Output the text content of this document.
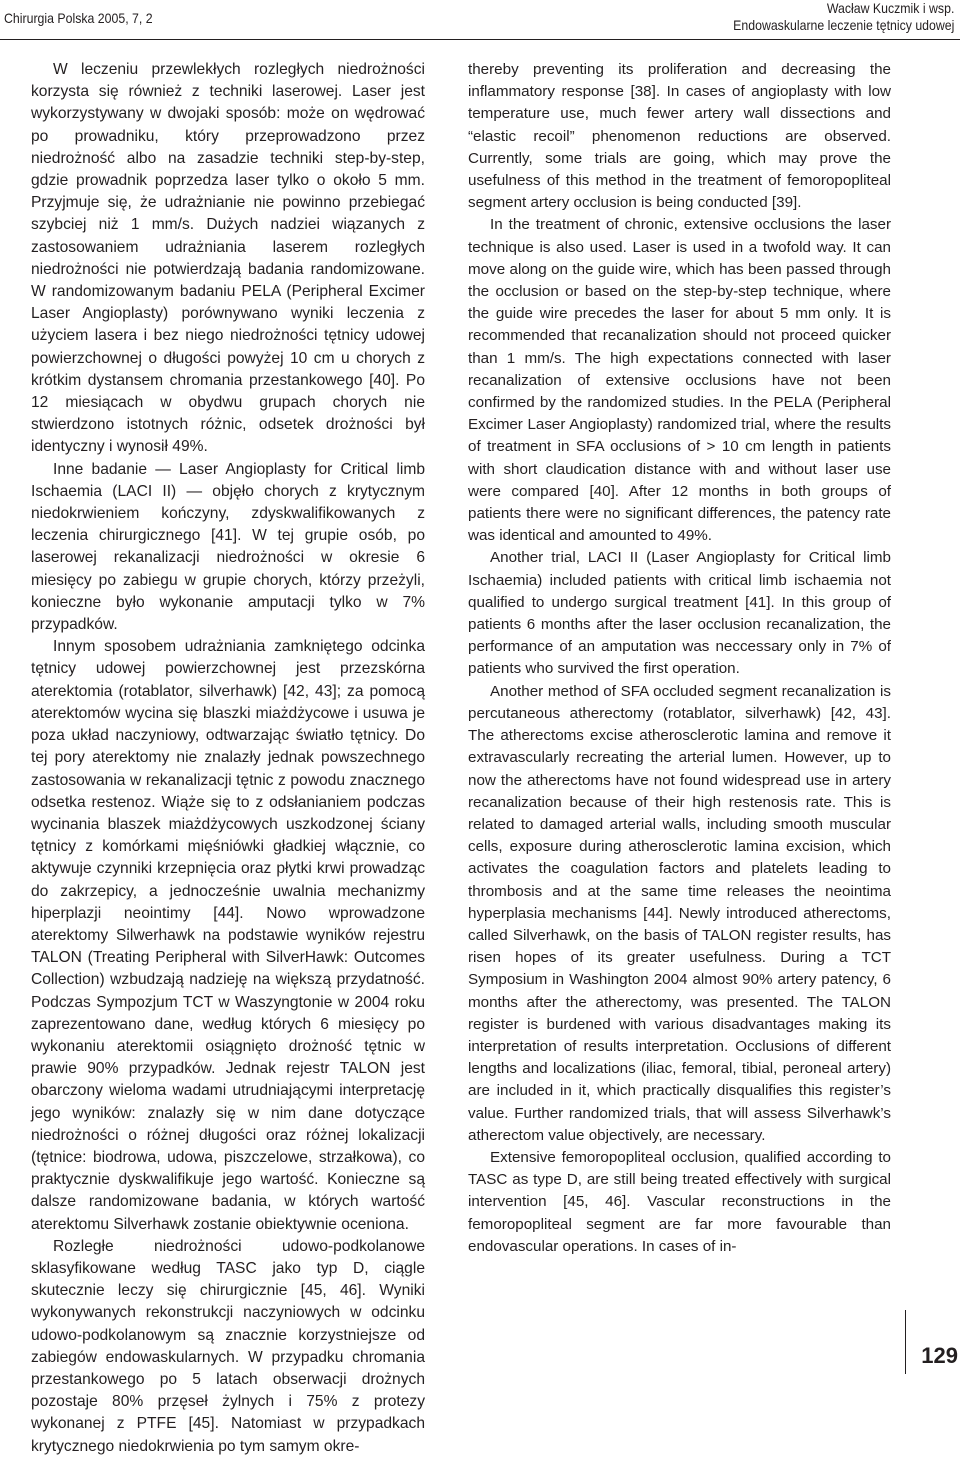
Chirurgia Polska 2005, 7, 2
Wacław Kuczmik i wsp.
Endowaskularne leczenie tętnicy udowej

W leczeniu przewlekłych rozległych niedrożności korzysta się również z techniki laserowej. Laser jest wykorzystywany w dwojaki sposób: może on wędrować po prowadniku, który przeprowadzono przez niedrożność albo na zasadzie techniki step-by-step, gdzie prowadnik poprzedza laser tylko o około 5 mm. Przyjmuje się, że udrażnianie nie powinno przebiegać szybciej niż 1 mm/s. Dużych nadziei wiązanych z zastosowaniem udrażniania laserem rozległych niedrożności nie potwierdzają badania randomizowane. W randomizowanym badaniu PELA (Peripheral Excimer Laser Angioplasty) porównywano wyniki leczenia z użyciem lasera i bez niego niedrożności tętnicy udowej powierzchownej o długości powyżej 10 cm u chorych z krótkim dystansem chromania przestankowego [40]. Po 12 miesiącach w obydwu grupach chorych nie stwierdzono istotnych różnic, odsetek drożności był identyczny i wynosił 49%.

Inne badanie — Laser Angioplasty for Critical limb Ischaemia (LACI II) — objęło chorych z krytycznym niedokrwieniem kończyny, zdyskwalifikowanych z leczenia chirurgicznego [41]. W tej grupie osób, po laserowej rekanalizacji niedrożności w okresie 6 miesięcy po zabiegu w grupie chorych, którzy przeżyli, konieczne było wykonanie amputacji tylko w 7% przypadków.

Innym sposobem udrażniania zamkniętego odcinka tętnicy udowej powierzchownej jest przezskórna aterektomia (rotablator, silverhawk) [42, 43]; za pomocą aterektomów wycina się blaszki miażdżycowe i usuwa je poza układ naczyniowy, odtwarzając światło tętnicy. Do tej pory aterektomy nie znalazły jednak powszechnego zastosowania w rekanalizacji tętnic z powodu znacznego odsetka restenoz. Wiąże się to z odsłanianiem podczas wycinania blaszek miażdżycowych uszkodzonej ściany tętnicy z komórkami mięśniówki gładkiej włącznie, co aktywuje czynniki krzepnięcia oraz płytki krwi prowadząc do zakrzepicy, a jednocześnie uwalnia mechanizmy hiperplazji neointimy [44]. Nowo wprowadzone aterektomy Silwerhawk na podstawie wyników rejestru TALON (Treating Peripheral with SilverHawk: Outcomes Collection) wzbudzają nadzieję na większą przydatność. Podczas Sympozjum TCT w Waszyngtonie w 2004 roku zaprezentowano dane, według których 6 miesięcy po wykonaniu aterektomii osiągnięto drożność tętnic w prawie 90% przypadków. Jednak rejestr TALON jest obarczony wieloma wadami utrudniającymi interpretację jego wyników: znalazły się w nim dane dotyczące niedrożności o różnej długości oraz różnej lokalizacji (tętnice: biodrowa, udowa, piszczelowe, strzałkowa), co praktycznie dyskwalifikuje jego wartość. Konieczne są dalsze randomizowane badania, w których wartość aterektomu Silverhawk zostanie obiektywnie oceniona.

Rozległe niedrożności udowo-podkolanowe sklasyfikowane według TASC jako typ D, ciągle skutecznie leczy się chirurgicznie [45, 46]. Wyniki wykonywanych rekonstrukcji naczyniowych w odcinku udowo-podkolanowym są znacznie korzystniejsze od zabiegów endowaskularnych. W przypadku chromania przestankowego po 5 latach obserwacji drożnych pozostaje 80% przęseł żylnych i 75% z protezy wykonanej z PTFE [45]. Natomiast w przypadkach krytycznego niedokrwienia po tym samym okre-

thereby preventing its proliferation and decreasing the inflammatory response [38]. In cases of angioplasty with low temperature use, much fewer artery wall dissections and “elastic recoil” phenomenon reductions are observed. Currently, some trials are going, which may prove the usefulness of this method in the treatment of femoropopliteal segment artery occlusion is being conducted [39].

In the treatment of chronic, extensive occlusions the laser technique is also used. Laser is used in a twofold way. It can move along on the guide wire, which has been passed through the occlusion or based on the step-by-step technique, where the guide wire precedes the laser for about 5 mm only. It is recommended that recanalization should not proceed quicker than 1 mm/s. The high expectations connected with laser recanalization of extensive occlusions have not been confirmed by the randomized studies. In the PELA (Peripheral Excimer Laser Angioplasty) randomized trial, where the results of treatment in SFA occlusions of > 10 cm length in patients with short claudication distance with and without laser use were compared [40]. After 12 months in both groups of patients there were no significant differences, the patency rate was identical and amounted to 49%.

Another trial, LACI II (Laser Angioplasty for Critical limb Ischaemia) included patients with critical limb ischaemia not qualified to undergo surgical treatment [41]. In this group of patients 6 months after the laser occlusion recanalization, the performance of an amputation was neccessary only in 7% of patients who survived the first operation.

Another method of SFA occluded segment recanalization is percutaneous atherectomy (rotablator, silverhawk) [42, 43]. The atherectoms excise atherosclerotic lamina and remove it extravascularly recreating the arterial lumen. However, up to now the atherectoms have not found widespread use in artery recanalization because of their high restenosis rate. This is related to damaged arterial walls, including smooth muscular cells, exposure during atherosclerotic lamina excision, which activates the coagulation factors and platelets leading to thrombosis and at the same time releases the neointima hyperplasia mechanisms [44]. Newly introduced atherectoms, called Silverhawk, on the basis of TALON register results, has risen hopes of its greater usefulness. During a TCT Symposium in Washington 2004 almost 90% artery patency, 6 months after the atherectomy, was presented. The TALON register is burdened with various disadvantages making its interpretation of results interpretation. Occlusions of different lengths and localizations (iliac, femoral, tibial, peroneal artery) are included in it, which practically disqualifies this register’s value. Further randomized trials, that will assess Silverhawk’s atherectom value objectively, are necessary.

Extensive femoropopliteal occlusion, qualified according to TASC as type D, are still being treated effectively with surgical intervention [45, 46]. Vascular reconstructions in the femoropopliteal segment are far more favourable than endovascular operations. In cases of in-

129
